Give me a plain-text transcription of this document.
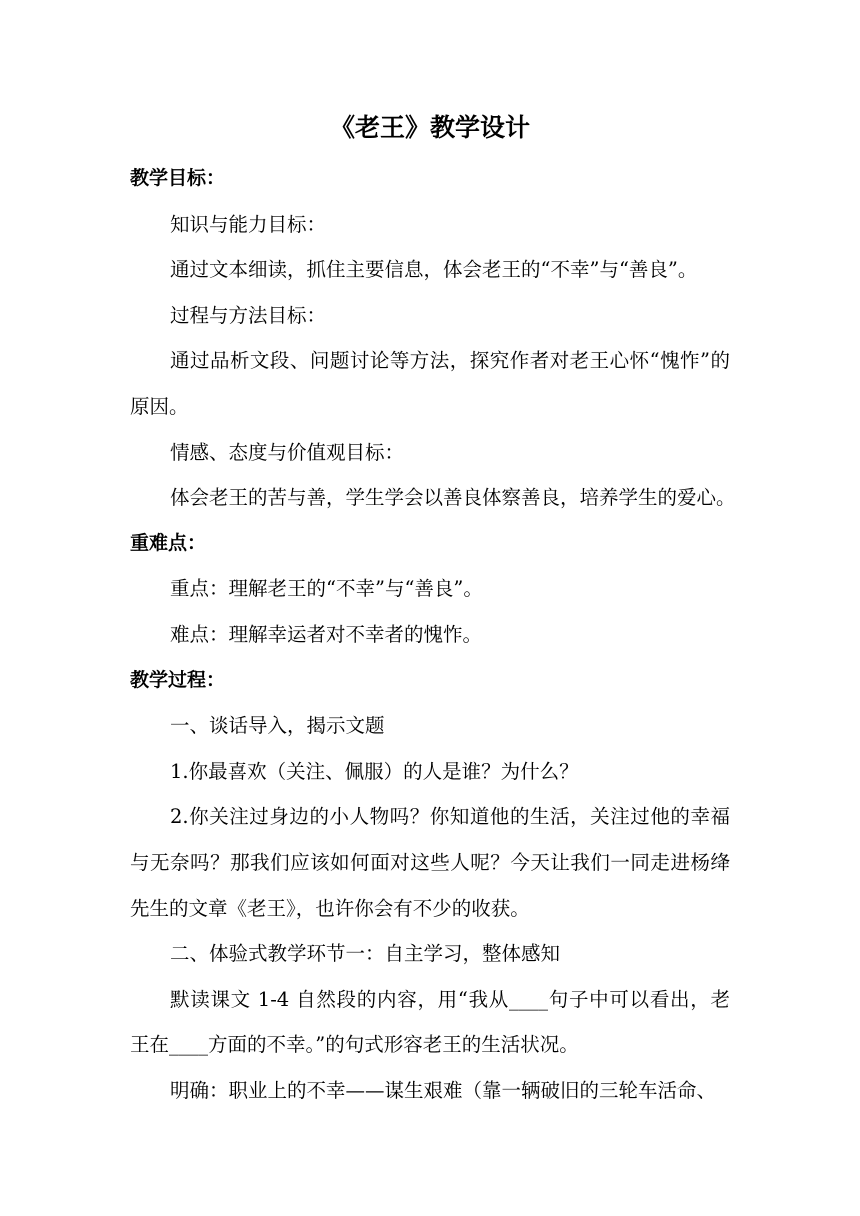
《老王》教学设计

教学目标：

知识与能力目标：

通过文本细读，抓住主要信息，体会老王的“不幸”与“善良”。

过程与方法目标：

通过品析文段、问题讨论等方法，探究作者对老王心怀“愧怍”的原因。

情感、态度与价值观目标：

体会老王的苦与善，学生学会以善良体察善良，培养学生的爱心。

重难点：

重点：理解老王的“不幸”与“善良”。

难点：理解幸运者对不幸者的愧怍。

教学过程：

一、谈话导入，揭示文题

1.你最喜欢（关注、佩服）的人是谁？为什么？

2.你关注过身边的小人物吗？你知道他的生活，关注过他的幸福与无奈吗？那我们应该如何面对这些人呢？今天让我们一同走进杨绛先生的文章《老王》，也许你会有不少的收获。

二、体验式教学环节一：自主学习，整体感知

默读课文 1-4 自然段的内容，用“我从____句子中可以看出，老王在____方面的不幸。”的句式形容老王的生活状况。

明确：职业上的不幸——谋生艰难（靠一辆破旧的三轮车活命、
